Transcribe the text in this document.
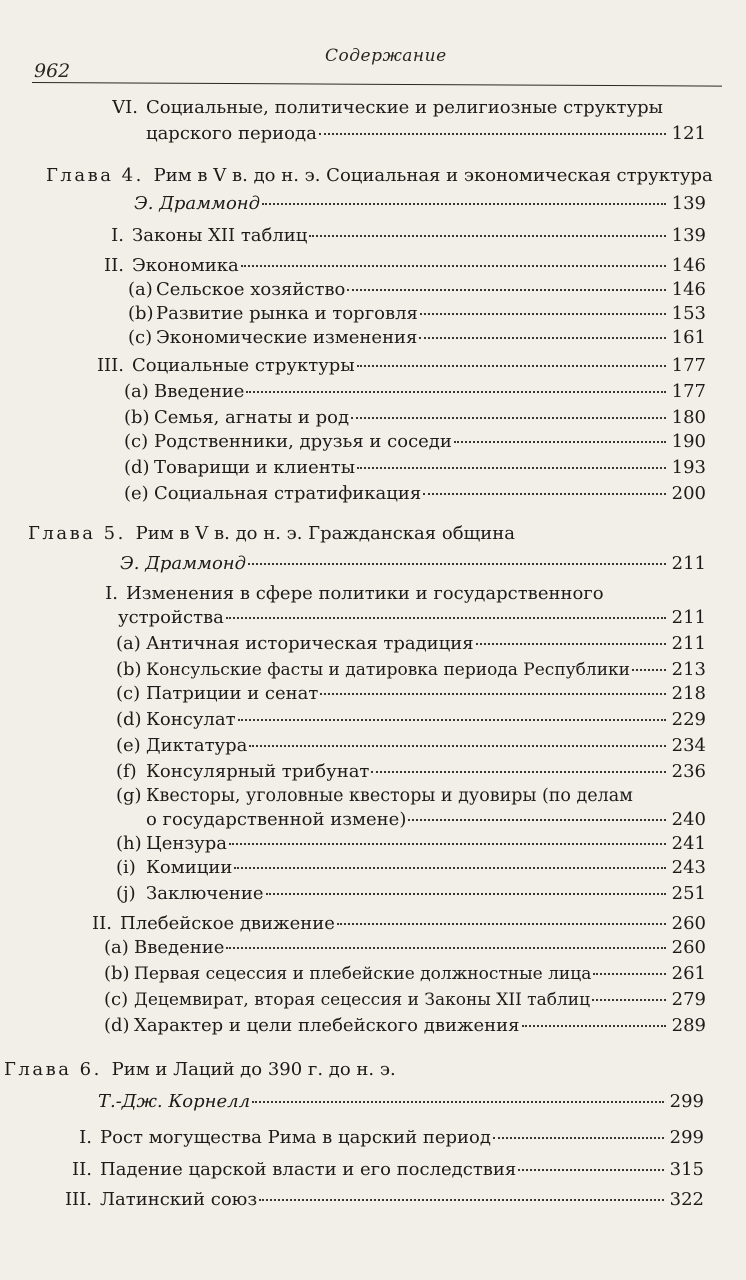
962
Содержание
VI. Социальные, политические и религиозные структуры
царского периода	121
Глава 4. Рим в V в. до н. э. Социальная и экономическая структура
Э. Драммонд	139
I. Законы XII таблиц	139
II. Экономика	146
(a) Сельское хозяйство	146
(b) Развитие рынка и торговля	153
(c) Экономические изменения	161
III. Социальные структуры	177
(a) Введение	177
(b) Семья, агнаты и род	180
(c) Родственники, друзья и соседи	190
(d) Товарищи и клиенты	193
(e) Социальная стратификация	200
Глава 5. Рим в V в. до н. э. Гражданская община
Э. Драммонд	211
I. Изменения в сфере политики и государственного
устройства	211
(a) Античная историческая традиция	211
(b) Консульские фасты и датировка периода Республики 213
(c) Патриции и сенат	218
(d) Консулат	229
(e) Диктатура	234
(f) Консулярный трибунат	236
(g) Квесторы, уголовные квесторы и дуовиры (по делам
о государственной измене)	240
(h) Цензура	241
(i) Комиции	243
(j) Заключение	251
II. Плебейское движение	260
(a) Введение	260
(b) Первая сецессия и плебейские должностные лица	261
(c) Децемвират, вторая сецессия и Законы XII таблиц	279
(d) Характер и цели плебейского движения	289
Глава 6. Рим и Лаций до 390 г. до н. э.
Т.-Дж. Корнелл	299
I. Рост могущества Рима в царский период	299
II. Падение царской власти и его последствия	315
III. Латинский союз	322
